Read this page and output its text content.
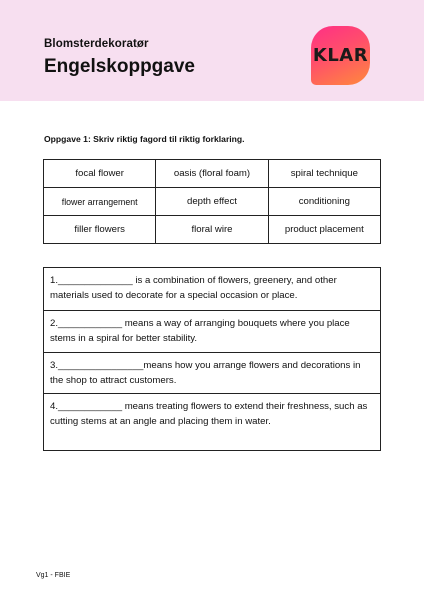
Blomsterdekoratør
Engelskoppgave
KLAR
Oppgave 1: Skriv riktig fagord til riktig forklaring.
focal flower	oasis (floral foam)	spiral technique
flower arrangement	depth effect	conditioning
filler flowers	floral wire	product placement
1.______________ is a combination of flowers, greenery, and other materials used to decorate for a special occasion or place.
2.____________ means a way of arranging bouquets where you place stems in a spiral for better stability.
3.________________means how you arrange flowers and decorations in the shop to attract customers.
4.____________ means treating flowers to extend their freshness, such as cutting stems at an angle and placing them in water.
Vg1 - FBIE
